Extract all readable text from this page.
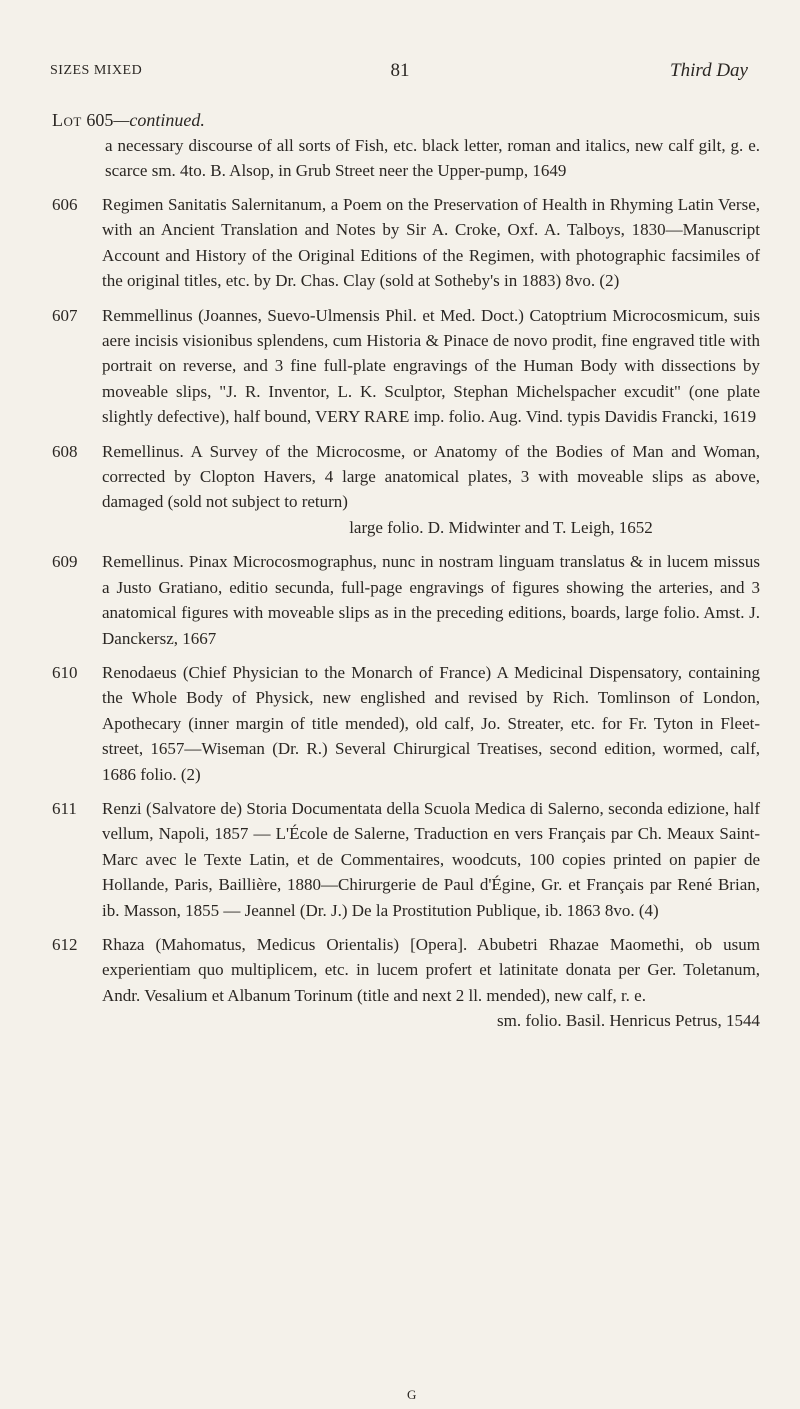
SIZES MIXED	81	Third Day
Lot 605—continued.
a necessary discourse of all sorts of Fish, etc. black letter, roman and italics, new calf gilt, g. e. scarce sm. 4to. B. Alsop, in Grub Street neer the Upper-pump, 1649
606	Regimen Sanitatis Salernitanum, a Poem on the Preservation of Health in Rhyming Latin Verse, with an Ancient Translation and Notes by Sir A. Croke, Oxf. A. Talboys, 1830—Manuscript Account and History of the Original Editions of the Regimen, with photographic facsimiles of the original titles, etc. by Dr. Chas. Clay (sold at Sotheby's in 1883) 8vo. (2)
607	Remmellinus (Joannes, Suevo-Ulmensis Phil. et Med. Doct.) Catoptrium Microcosmicum, suis aere incisis visionibus splendens, cum Historia & Pinace de novo prodit, fine engraved title with portrait on reverse, and 3 fine full-plate engravings of the Human Body with dissections by moveable slips, "J. R. Inventor, L. K. Sculptor, Stephan Michelspacher excudit" (one plate slightly defective), half bound, VERY RARE imp. folio. Aug. Vind. typis Davidis Francki, 1619
608	Remellinus. A Survey of the Microcosme, or Anatomy of the Bodies of Man and Woman, corrected by Clopton Havers, 4 large anatomical plates, 3 with moveable slips as above, damaged (sold not subject to return)
large folio. D. Midwinter and T. Leigh, 1652
609	Remellinus. Pinax Microcosmographus, nunc in nostram linguam translatus & in lucem missus a Justo Gratiano, editio secunda, full-page engravings of figures showing the arteries, and 3 anatomical figures with moveable slips as in the preceding editions, boards, large folio. Amst. J. Danckersz, 1667
610	Renodaeus (Chief Physician to the Monarch of France) A Medicinal Dispensatory, containing the Whole Body of Physick, new englished and revised by Rich. Tomlinson of London, Apothecary (inner margin of title mended), old calf, Jo. Streater, etc. for Fr. Tyton in Fleet-street, 1657—Wiseman (Dr. R.) Several Chirurgical Treatises, second edition, wormed, calf, 1686 folio. (2)
611	Renzi (Salvatore de) Storia Documentata della Scuola Medica di Salerno, seconda edizione, half vellum, Napoli, 1857 — L'École de Salerne, Traduction en vers Français par Ch. Meaux Saint-Marc avec le Texte Latin, et de Commentaires, woodcuts, 100 copies printed on papier de Hollande, Paris, Baillière, 1880—Chirurgerie de Paul d'Égine, Gr. et Français par René Brian, ib. Masson, 1855 — Jeannel (Dr. J.) De la Prostitution Publique, ib. 1863 8vo. (4)
612	Rhaza (Mahomatus, Medicus Orientalis) [Opera]. Abubetri Rhazae Maomethi, ob usum experientiam quo multiplicem, etc. in lucem profert et latinitate donata per Ger. Toletanum, Andr. Vesalium et Albanum Torinum (title and next 2 ll. mended), new calf, r. e.
sm. folio. Basil. Henricus Petrus, 1544
G
